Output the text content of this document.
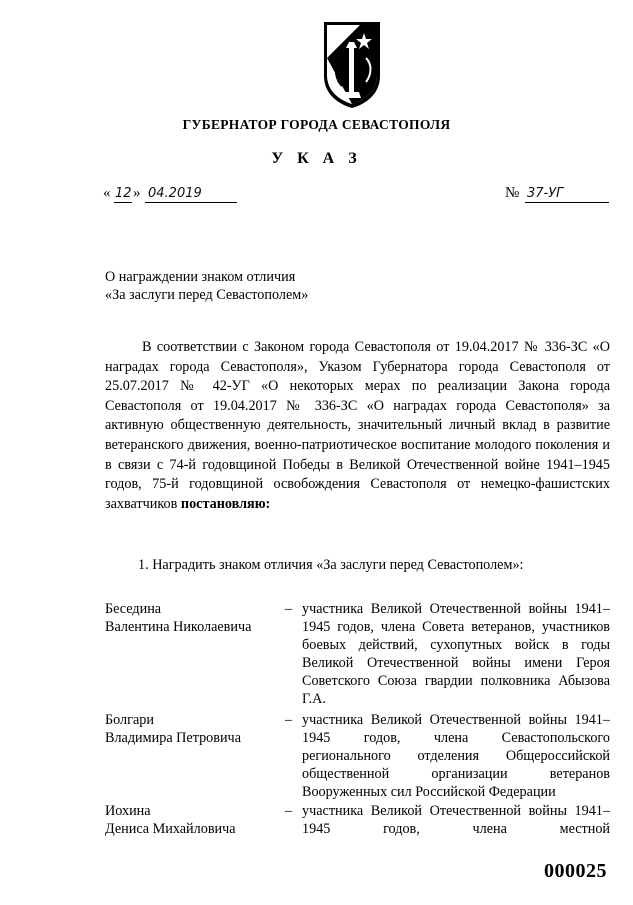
ГУБЕРНАТОР ГОРОДА СЕВАСТОПОЛЯ
У К А З
« 12 » 04.2019	№ 37-УГ
О награждении знаком отличия
«За заслуги перед Севастополем»
В соответствии с Законом города Севастополя от 19.04.2017 № 336-ЗС «О наградах города Севастополя», Указом Губернатора города Севастополя от 25.07.2017 № 42-УГ «О некоторых мерах по реализации Закона города Севастополя от 19.04.2017 № 336-ЗС «О наградах города Севастополя» за активную общественную деятельность, значительный личный вклад в развитие ветеранского движения, военно-патриотическое воспитание молодого поколения и в связи с 74-й годовщиной Победы в Великой Отечественной войне 1941–1945 годов, 75-й годовщиной освобождения Севастополя от немецко-фашистских захватчиков постановляю:
1. Наградить знаком отличия «За заслуги перед Севастополем»:
Беседина
Валентина Николаевича
– участника Великой Отечественной войны 1941–1945 годов, члена Совета ветеранов, участников боевых действий, сухопутных войск в годы Великой Отечественной войны имени Героя Советского Союза гвардии полковника Абызова Г.А.
Болгари
Владимира Петровича
– участника Великой Отечественной войны 1941–1945 годов, члена Севастопольского регионального отделения Общероссийской общественной организации ветеранов Вооруженных сил Российской Федерации
Иохина
Дениса Михайловича
– участника Великой Отечественной войны 1941–1945 годов, члена местной
000025
